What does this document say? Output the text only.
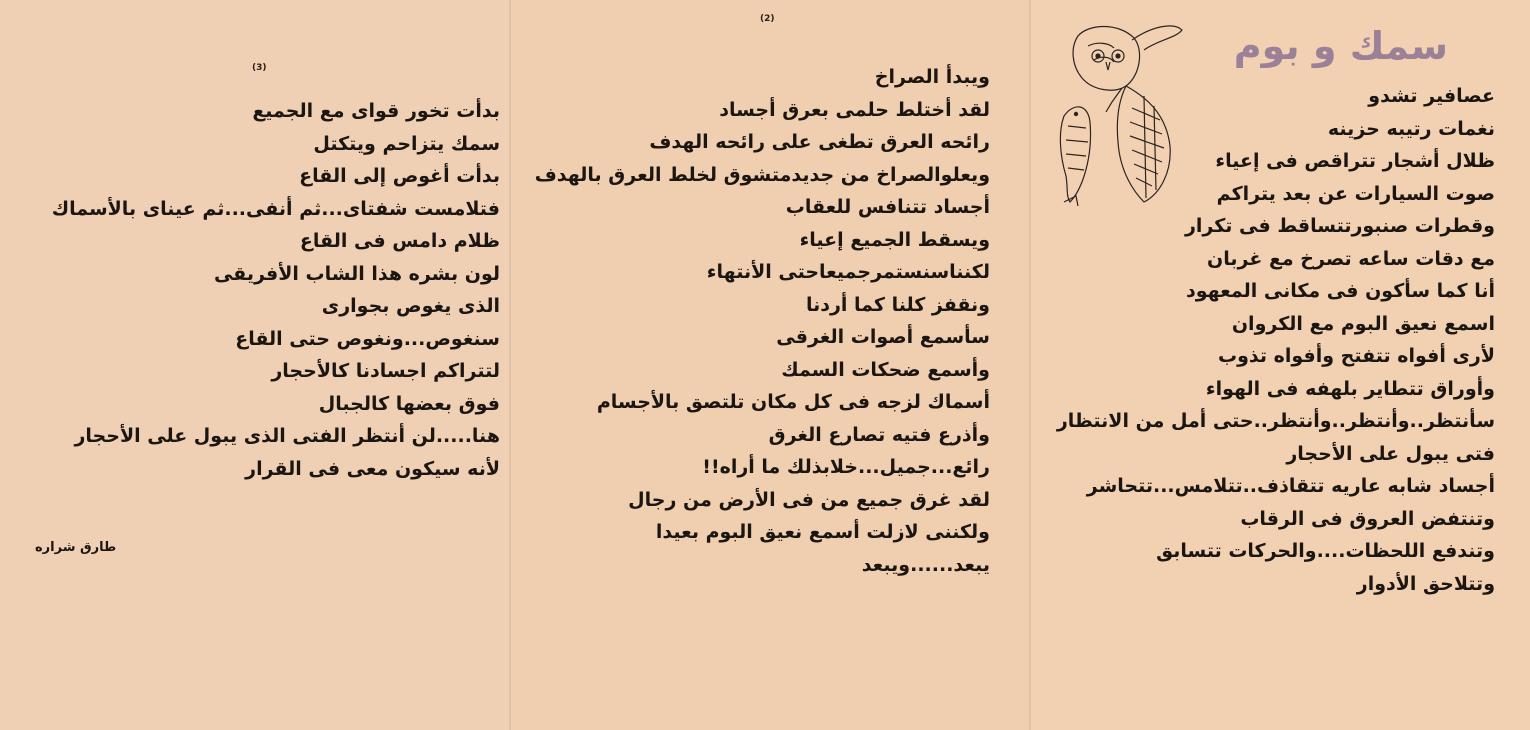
(2)
(3)	سمك و بوم
عصافير تشدو
نغمات رتيبه حزينه
ظلال أشجار تتراقص فى إعياء
صوت السيارات عن بعد يتراكم
وقطرات صنبورتتساقط فى تكرار
مع دقات ساعه تصرخ مع غربان
أنا كما سأكون فى مكانى المعهود
اسمع نعيق البوم مع الكروان
لأرى أفواه تتفتح وأفواه تذوب
وأوراق تتطاير بلهفه فى الهواء
سأنتظر..وأنتظر..وأنتظر..حتى أمل من الانتظار
فتى يبول على الأحجار
أجساد شابه عاريه تتقاذف..تتلامس...تتحاشر
وتنتفض العروق فى الرقاب
وتندفع اللحظات....والحركات تتسابق
وتتلاحق الأدوار
ويبدأ الصراخ
لقد أختلط حلمى بعرق أجساد
رائحه العرق تطغى على رائحه الهدف
ويعلوالصراخ من جديدمتشوق لخلط العرق بالهدف
أجساد تتنافس للعقاب
ويسقط الجميع إعياء
لكنناسنستمرجميعاحتى الأنتهاء
ونقفز كلنا كما أردنا
سأسمع أصوات الغرقى
وأسمع ضحكات السمك
أسماك لزجه فى كل مكان تلتصق بالأجسام
وأذرع فتيه تصارع الغرق
رائع...جميل...خلابذلك ما أراه!!
لقد غرق جميع من فى الأرض من رجال
ولكننى لازلت أسمع نعيق البوم بعيدا
يبعد......ويبعد
بدأت تخور قواى مع الجميع
سمك يتزاحم ويتكتل
بدأت أغوص إلى القاع
فتلامست شفتاى...ثم أنفى...ثم عيناى بالأسماك
ظلام دامس فى القاع
لون بشره هذا الشاب الأفريقى
الذى يغوص بجوارى
سنغوص...ونغوص حتى القاع
لتتراكم اجسادنا كالأحجار
فوق بعضها كالجبال
هنا.....لن أنتظر الفتى الذى يبول على الأحجار
لأنه سيكون معى فى القرار
طارق شراره
